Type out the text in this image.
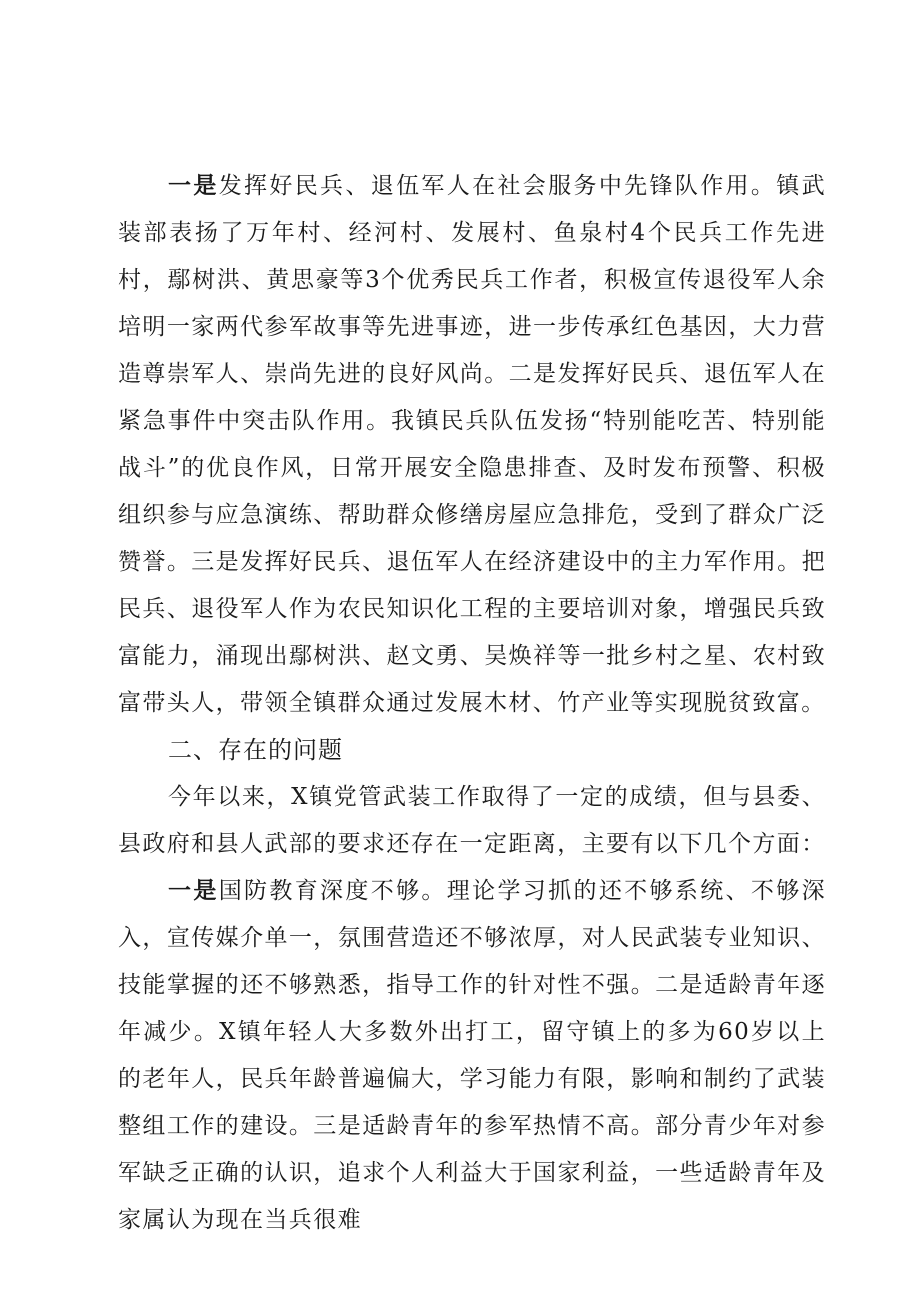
一是发挥好民兵、退伍军人在社会服务中先锋队作用。镇武装部表扬了万年村、经河村、发展村、鱼泉村4个民兵工作先进村，鄢树洪、黄思豪等3个优秀民兵工作者，积极宣传退役军人余培明一家两代参军故事等先进事迹，进一步传承红色基因，大力营造尊崇军人、崇尚先进的良好风尚。二是发挥好民兵、退伍军人在紧急事件中突击队作用。我镇民兵队伍发扬“特别能吃苦、特别能战斗”的优良作风，日常开展安全隐患排查、及时发布预警、积极组织参与应急演练、帮助群众修缮房屋应急排危，受到了群众广泛赞誉。三是发挥好民兵、退伍军人在经济建设中的主力军作用。把民兵、退役军人作为农民知识化工程的主要培训对象，增强民兵致富能力，涌现出鄢树洪、赵文勇、吴焕祥等一批乡村之星、农村致富带头人，带领全镇群众通过发展木材、竹产业等实现脱贫致富。

二、存在的问题

今年以来，X镇党管武装工作取得了一定的成绩，但与县委、县政府和县人武部的要求还存在一定距离，主要有以下几个方面：

一是国防教育深度不够。理论学习抓的还不够系统、不够深入，宣传媒介单一，氛围营造还不够浓厚，对人民武装专业知识、技能掌握的还不够熟悉，指导工作的针对性不强。二是适龄青年逐年减少。X镇年轻人大多数外出打工，留守镇上的多为60岁以上的老年人，民兵年龄普遍偏大，学习能力有限，影响和制约了武装整组工作的建设。三是适龄青年的参军热情不高。部分青少年对参军缺乏正确的认识，追求个人利益大于国家利益，一些适龄青年及家属认为现在当兵很难
